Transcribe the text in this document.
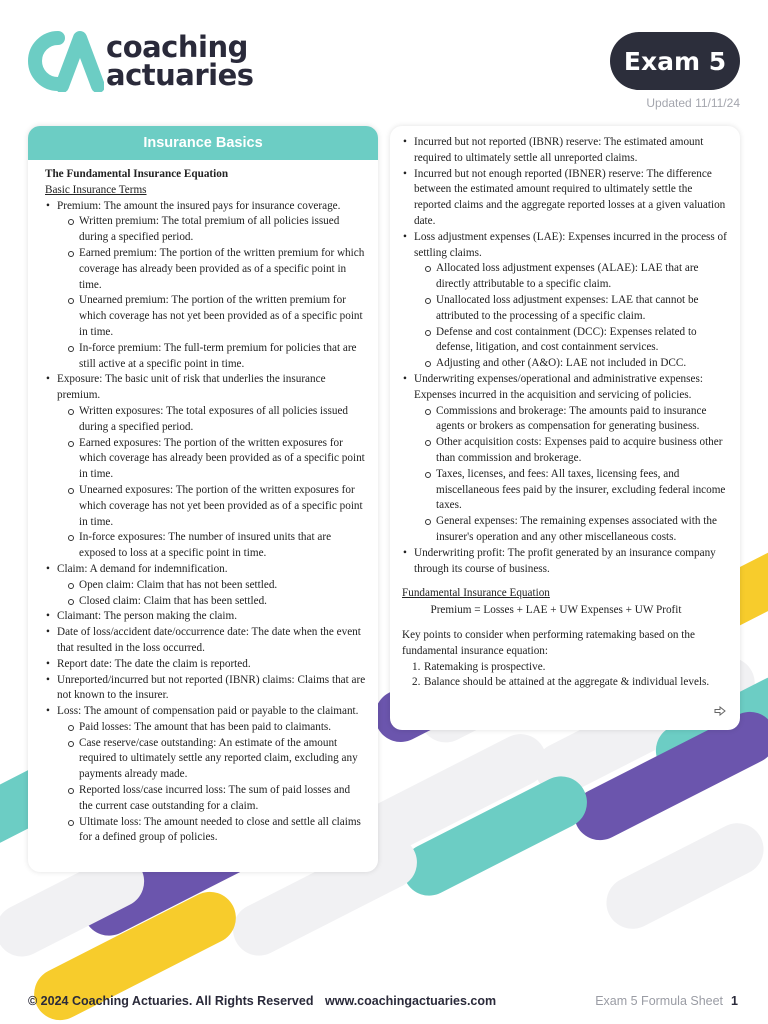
coaching
actuaries	Exam 5
Updated 11/11/24
Insurance Basics
The Fundamental Insurance Equation
Basic Insurance Terms
• Premium: The amount the insured pays for insurance coverage.
Written premium: The total premium of all policies issued during a specified period.
Earned premium: The portion of the written premium for which coverage has already been provided as of a specific point in time.
Unearned premium: The portion of the written premium for which coverage has not yet been provided as of a specific point in time.
In-force premium: The full-term premium for policies that are still active at a specific point in time.
• Exposure: The basic unit of risk that underlies the insurance premium.
Written exposures: The total exposures of all policies issued during a specified period.
Earned exposures: The portion of the written exposures for which coverage has already been provided as of a specific point in time.
Unearned exposures: The portion of the written exposures for which coverage has not yet been provided as of a specific point in time.
In-force exposures: The number of insured units that are exposed to loss at a specific point in time.
• Claim: A demand for indemnification.
Open claim: Claim that has not been settled.
Closed claim: Claim that has been settled.
• Claimant: The person making the claim.
• Date of loss/accident date/occurrence date: The date when the event that resulted in the loss occurred.
• Report date: The date the claim is reported.
• Unreported/incurred but not reported (IBNR) claims: Claims that are not known to the insurer.
• Loss: The amount of compensation paid or payable to the claimant.
Paid losses: The amount that has been paid to claimants.
Case reserve/case outstanding: An estimate of the amount required to ultimately settle any reported claim, excluding any payments already made.
Reported loss/case incurred loss: The sum of paid losses and the current case outstanding for a claim.
Ultimate loss: The amount needed to close and settle all claims for a defined group of policies.
• Incurred but not reported (IBNR) reserve: The estimated amount required to ultimately settle all unreported claims.
• Incurred but not enough reported (IBNER) reserve: The difference between the estimated amount required to ultimately settle the reported claims and the aggregate reported losses at a given valuation date.
• Loss adjustment expenses (LAE): Expenses incurred in the process of settling claims.
Allocated loss adjustment expenses (ALAE): LAE that are directly attributable to a specific claim.
Unallocated loss adjustment expenses: LAE that cannot be attributed to the processing of a specific claim.
Defense and cost containment (DCC): Expenses related to defense, litigation, and cost containment services.
Adjusting and other (A&O): LAE not included in DCC.
• Underwriting expenses/operational and administrative expenses: Expenses incurred in the acquisition and servicing of policies.
Commissions and brokerage: The amounts paid to insurance agents or brokers as compensation for generating business.
Other acquisition costs: Expenses paid to acquire business other than commission and brokerage.
Taxes, licenses, and fees: All taxes, licensing fees, and miscellaneous fees paid by the insurer, excluding federal income taxes.
General expenses: The remaining expenses associated with the insurer's operation and any other miscellaneous costs.
• Underwriting profit: The profit generated by an insurance company through its course of business.
Fundamental Insurance Equation
Premium = Losses + LAE + UW Expenses + UW Profit
Key points to consider when performing ratemaking based on the fundamental insurance equation:
1. Ratemaking is prospective.
2. Balance should be attained at the aggregate & individual levels.
© 2024 Coaching Actuaries. All Rights Reserved www.coachingactuaries.com	Exam 5 Formula Sheet 1
